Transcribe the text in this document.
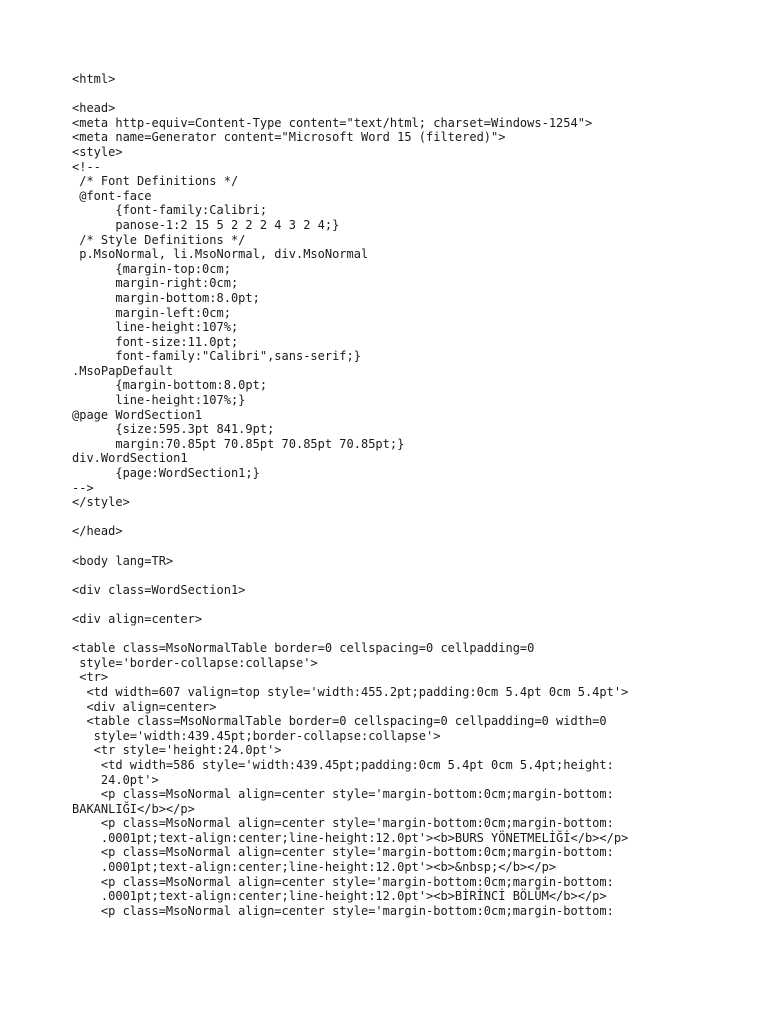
<html>

<head>
<meta http-equiv=Content-Type content="text/html; charset=Windows-1254">
<meta name=Generator content="Microsoft Word 15 (filtered)">
<style>
<!--
/* Font Definitions */
@font-face
{font-family:Calibri;
panose-1:2 15 5 2 2 2 4 3 2 4;}
/* Style Definitions */
p.MsoNormal, li.MsoNormal, div.MsoNormal
{margin-top:0cm;
margin-right:0cm;
margin-bottom:8.0pt;
margin-left:0cm;
line-height:107%;
font-size:11.0pt;
font-family:"Calibri",sans-serif;}
.MsoPapDefault
{margin-bottom:8.0pt;
line-height:107%;}
@page WordSection1
{size:595.3pt 841.9pt;
margin:70.85pt 70.85pt 70.85pt 70.85pt;}
div.WordSection1
{page:WordSection1;}
-->
</style>

</head>

<body lang=TR>

<div class=WordSection1>

<div align=center>

<table class=MsoNormalTable border=0 cellspacing=0 cellpadding=0
style='border-collapse:collapse'>
<tr>
<td width=607 valign=top style='width:455.2pt;padding:0cm 5.4pt 0cm 5.4pt'>
<div align=center>
<table class=MsoNormalTable border=0 cellspacing=0 cellpadding=0 width=0
style='width:439.45pt;border-collapse:collapse'>
<tr style='height:24.0pt'>
<td width=586 style='width:439.45pt;padding:0cm 5.4pt 0cm 5.4pt;height:
24.0pt'>
<p class=MsoNormal align=center style='margin-bottom:0cm;margin-bottom:
BAKANLIĞI</b></p>
<p class=MsoNormal align=center style='margin-bottom:0cm;margin-bottom:
.0001pt;text-align:center;line-height:12.0pt'><b>BURS YÖNETMELİĞİ</b></p>
<p class=MsoNormal align=center style='margin-bottom:0cm;margin-bottom:
.0001pt;text-align:center;line-height:12.0pt'><b>&nbsp;</b></p>
<p class=MsoNormal align=center style='margin-bottom:0cm;margin-bottom:
.0001pt;text-align:center;line-height:12.0pt'><b>BİRİNCİ BÖLÜM</b></p>
<p class=MsoNormal align=center style='margin-bottom:0cm;margin-bottom:
